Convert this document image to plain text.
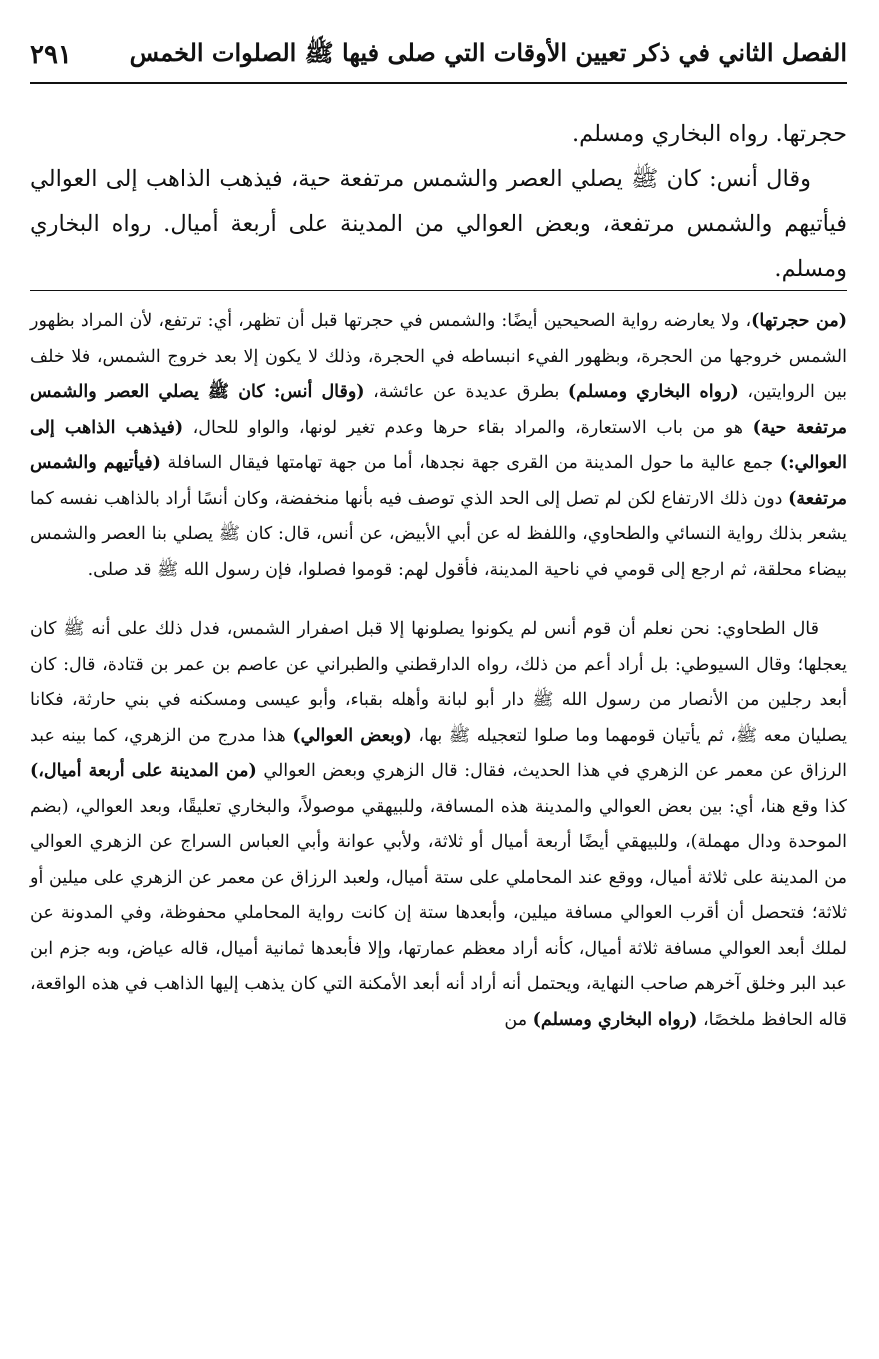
الفصل الثاني في ذكر تعيين الأوقات التي صلى فيها ﷺ الصلوات الخمس
٢٩١

حجرتها. رواه البخاري ومسلم.

وقال أنس: كان ﷺ يصلي العصر والشمس مرتفعة حية، فيذهب الذاهب إلى العوالي فيأتيهم والشمس مرتفعة، وبعض العوالي من المدينة على أربعة أميال. رواه البخاري ومسلم.

(من حجرتها)، ولا يعارضه رواية الصحيحين أيضًا: والشمس في حجرتها قبل أن تظهر، أي: ترتفع، لأن المراد بظهور الشمس خروجها من الحجرة، وبظهور الفيء انبساطه في الحجرة، وذلك لا يكون إلا بعد خروج الشمس، فلا خلف بين الروايتين، (رواه البخاري ومسلم) بطرق عديدة عن عائشة، (وقال أنس: كان ﷺ يصلي العصر والشمس مرتفعة حية) هو من باب الاستعارة، والمراد بقاء حرها وعدم تغير لونها، والواو للحال، (فيذهب الذاهب إلى العوالي:) جمع عالية ما حول المدينة من القرى جهة نجدها، أما من جهة تهامتها فيقال السافلة (فيأتيهم والشمس مرتفعة) دون ذلك الارتفاع لكن لم تصل إلى الحد الذي توصف فيه بأنها منخفضة، وكان أنسًا أراد بالذاهب نفسه كما يشعر بذلك رواية النسائي والطحاوي، واللفظ له عن أبي الأبيض، عن أنس، قال: كان ﷺ يصلي بنا العصر والشمس بيضاء محلقة، ثم ارجع إلى قومي في ناحية المدينة، فأقول لهم: قوموا فصلوا، فإن رسول الله ﷺ قد صلى.

قال الطحاوي: نحن نعلم أن قوم أنس لم يكونوا يصلونها إلا قبل اصفرار الشمس، فدل ذلك على أنه ﷺ كان يعجلها؛ وقال السيوطي: بل أراد أعم من ذلك، رواه الدارقطني والطبراني عن عاصم بن عمر بن قتادة، قال: كان أبعد رجلين من الأنصار من رسول الله ﷺ دار أبو لبانة وأهله بقباء، وأبو عيسى ومسكنه في بني حارثة، فكانا يصليان معه ﷺ، ثم يأتيان قومهما وما صلوا لتعجيله ﷺ بها، (وبعض العوالي) هذا مدرج من الزهري، كما بينه عبد الرزاق عن معمر عن الزهري في هذا الحديث، فقال: قال الزهري وبعض العوالي (من المدينة على أربعة أميال،) كذا وقع هنا، أي: بين بعض العوالي والمدينة هذه المسافة، وللبيهقي موصولاً، والبخاري تعليقًا، وبعد العوالي، (بضم الموحدة ودال مهملة)، وللبيهقي أيضًا أربعة أميال أو ثلاثة، ولأبي عوانة وأبي العباس السراج عن الزهري العوالي من المدينة على ثلاثة أميال، ووقع عند المحاملي على ستة أميال، ولعبد الرزاق عن معمر عن الزهري على ميلين أو ثلاثة؛ فتحصل أن أقرب العوالي مسافة ميلين، وأبعدها ستة إن كانت رواية المحاملي محفوظة، وفي المدونة عن لملك أبعد العوالي مسافة ثلاثة أميال، كأنه أراد معظم عمارتها، وإلا فأبعدها ثمانية أميال، قاله عياض، وبه جزم ابن عبد البر وخلق آخرهم صاحب النهاية، ويحتمل أنه أراد أنه أبعد الأمكنة التي كان يذهب إليها الذاهب في هذه الواقعة، قاله الحافظ ملخصًا، (رواه البخاري ومسلم) من
